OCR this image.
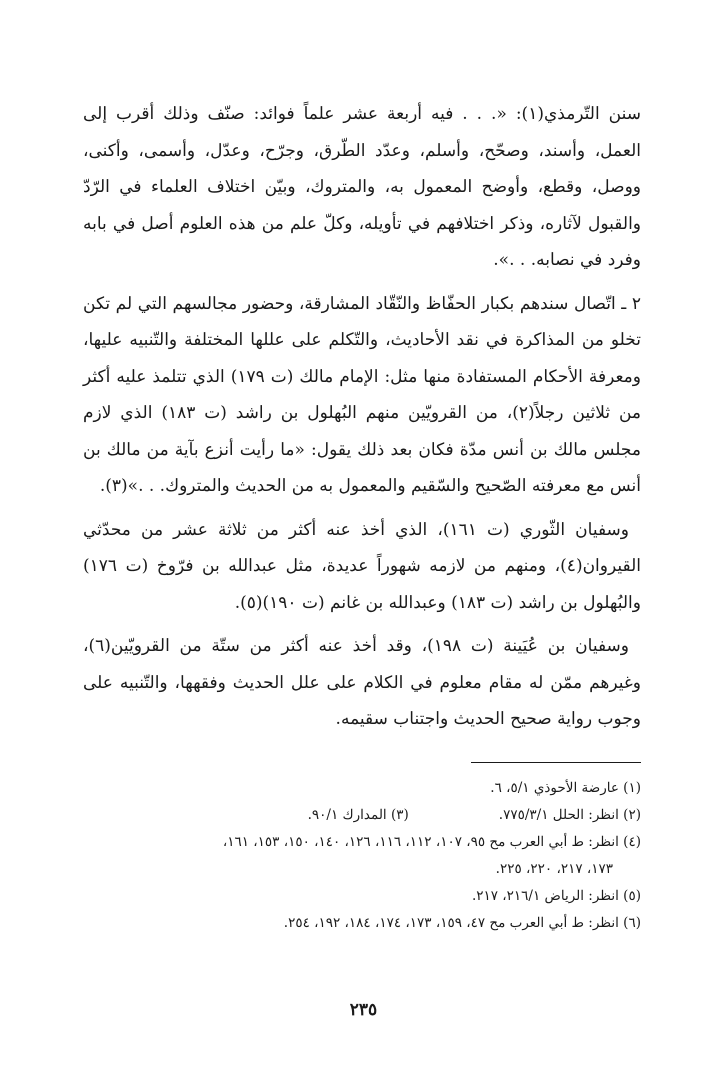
سنن التّرمذي(١): «. . . فيه أربعة عشر علماً فوائد: صنّف وذلك أقرب إلى العمل، وأسند، وصحّح، وأسلم، وعدّد الطّرق، وجرّح، وعدّل، وأسمى، وأكنى، ووصل، وقطع، وأوضح المعمول به، والمتروك، وبيّن اختلاف العلماء في الرّدّ والقبول لآثاره، وذكر اختلافهم في تأويله، وكلّ علم من هذه العلوم أصل في بابه وفرد في نصابه. . .».

٢ ـ اتّصال سندهم بكبار الحفّاظ والنّقّاد المشارقة، وحضور مجالسهم التي لم تكن تخلو من المذاكرة في نقد الأحاديث، والتّكلم على عللها المختلفة والتّنبيه عليها، ومعرفة الأحكام المستفادة منها مثل: الإمام مالك (ت ١٧٩) الذي تتلمذ عليه أكثر من ثلاثين رجلاً(٢)، من القرويّين منهم البُهلول بن راشد (ت ١٨٣) الذي لازم مجلس مالك بن أنس مدّة فكان بعد ذلك يقول: «ما رأيت أنزع بآية من مالك بن أنس مع معرفته الصّحيح والسّقيم والمعمول به من الحديث والمتروك. . .»(٣).

وسفيان الثّوري (ت ١٦١)، الذي أخذ عنه أكثر من ثلاثة عشر من محدّثي القيروان(٤)، ومنهم من لازمه شهوراً عديدة، مثل عبدالله بن فرّوخ (ت ١٧٦) والبُهلول بن راشد (ت ١٨٣) وعبدالله بن غانم (ت ١٩٠)(٥).

وسفيان بن عُيَينة (ت ١٩٨)، وقد أخذ عنه أكثر من ستّة من القرويّين(٦)، وغيرهم ممّن له مقام معلوم في الكلام على علل الحديث وفقهها، والتّنبيه على وجوب رواية صحيح الحديث واجتناب سقيمه.

(١) عارضة الأحوذي ٥/١، ٦.
(٢) انظر: الحلل ٧٧٥/٣/١.(٣) المدارك ٩٠/١.
(٤) انظر: ط أبي العرب مح ٩٥، ١٠٧، ١١٢، ١١٦، ١٢٦، ١٤٠، ١٥٠، ١٥٣، ١٦١،
١٧٣، ٢١٧، ٢٢٠، ٢٢٥.
(٥) انظر: الرياض ٢١٦/١، ٢١٧.
(٦) انظر: ط أبي العرب مح ٤٧، ١٥٩، ١٧٣، ١٧٤، ١٨٤، ١٩٢، ٢٥٤.
٢٣٥
